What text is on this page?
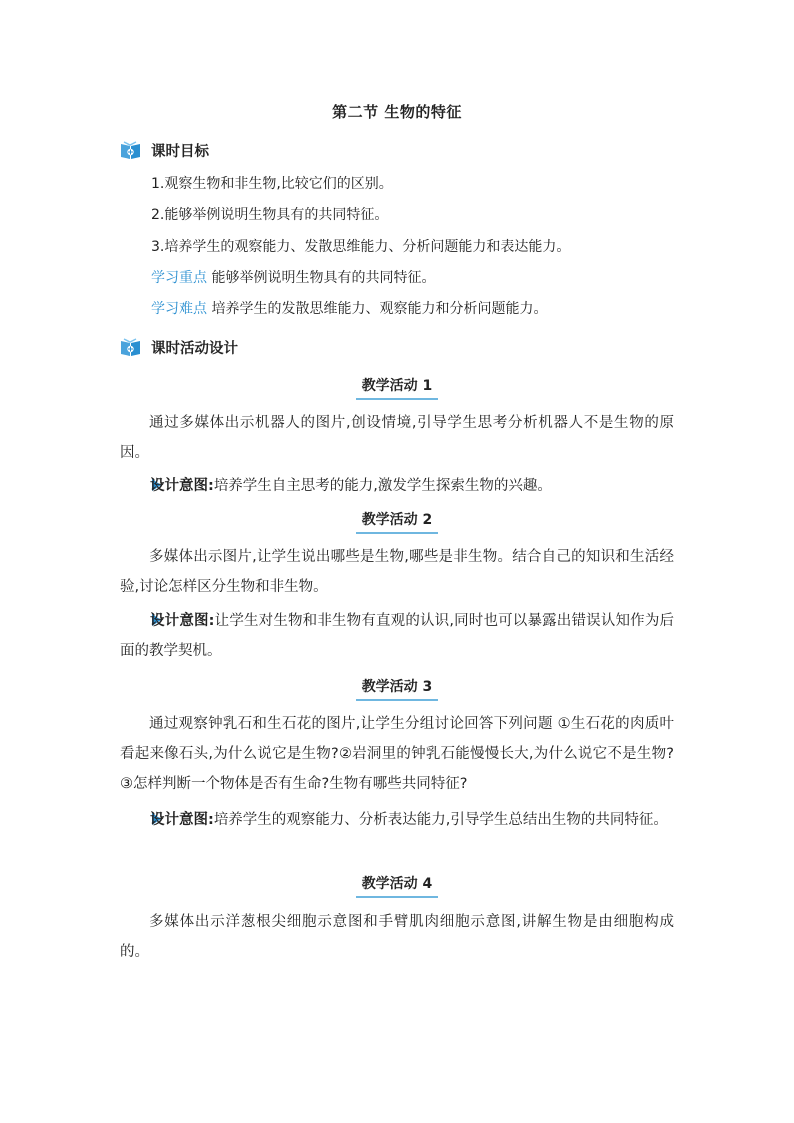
第二节 生物的特征
课时目标
1.观察生物和非生物,比较它们的区别。
2.能够举例说明生物具有的共同特征。
3.培养学生的观察能力、发散思维能力、分析问题能力和表达能力。
学习重点 能够举例说明生物具有的共同特征。
学习难点 培养学生的发散思维能力、观察能力和分析问题能力。
课时活动设计
教学活动 1

通过多媒体出示机器人的图片,创设情境,引导学生思考分析机器人不是生物的原因。

设计意图:培养学生自主思考的能力,激发学生探索生物的兴趣。

教学活动 2

多媒体出示图片,让学生说出哪些是生物,哪些是非生物。结合自己的知识和生活经验,讨论怎样区分生物和非生物。

设计意图:让学生对生物和非生物有直观的认识,同时也可以暴露出错误认知作为后面的教学契机。

教学活动 3

通过观察钟乳石和生石花的图片,让学生分组讨论回答下列问题 ①生石花的肉质叶看起来像石头,为什么说它是生物?②岩洞里的钟乳石能慢慢长大,为什么说它不是生物?③怎样判断一个物体是否有生命?生物有哪些共同特征?

设计意图:培养学生的观察能力、分析表达能力,引导学生总结出生物的共同特征。

教学活动 4

多媒体出示洋葱根尖细胞示意图和手臂肌肉细胞示意图,讲解生物是由细胞构成的。
